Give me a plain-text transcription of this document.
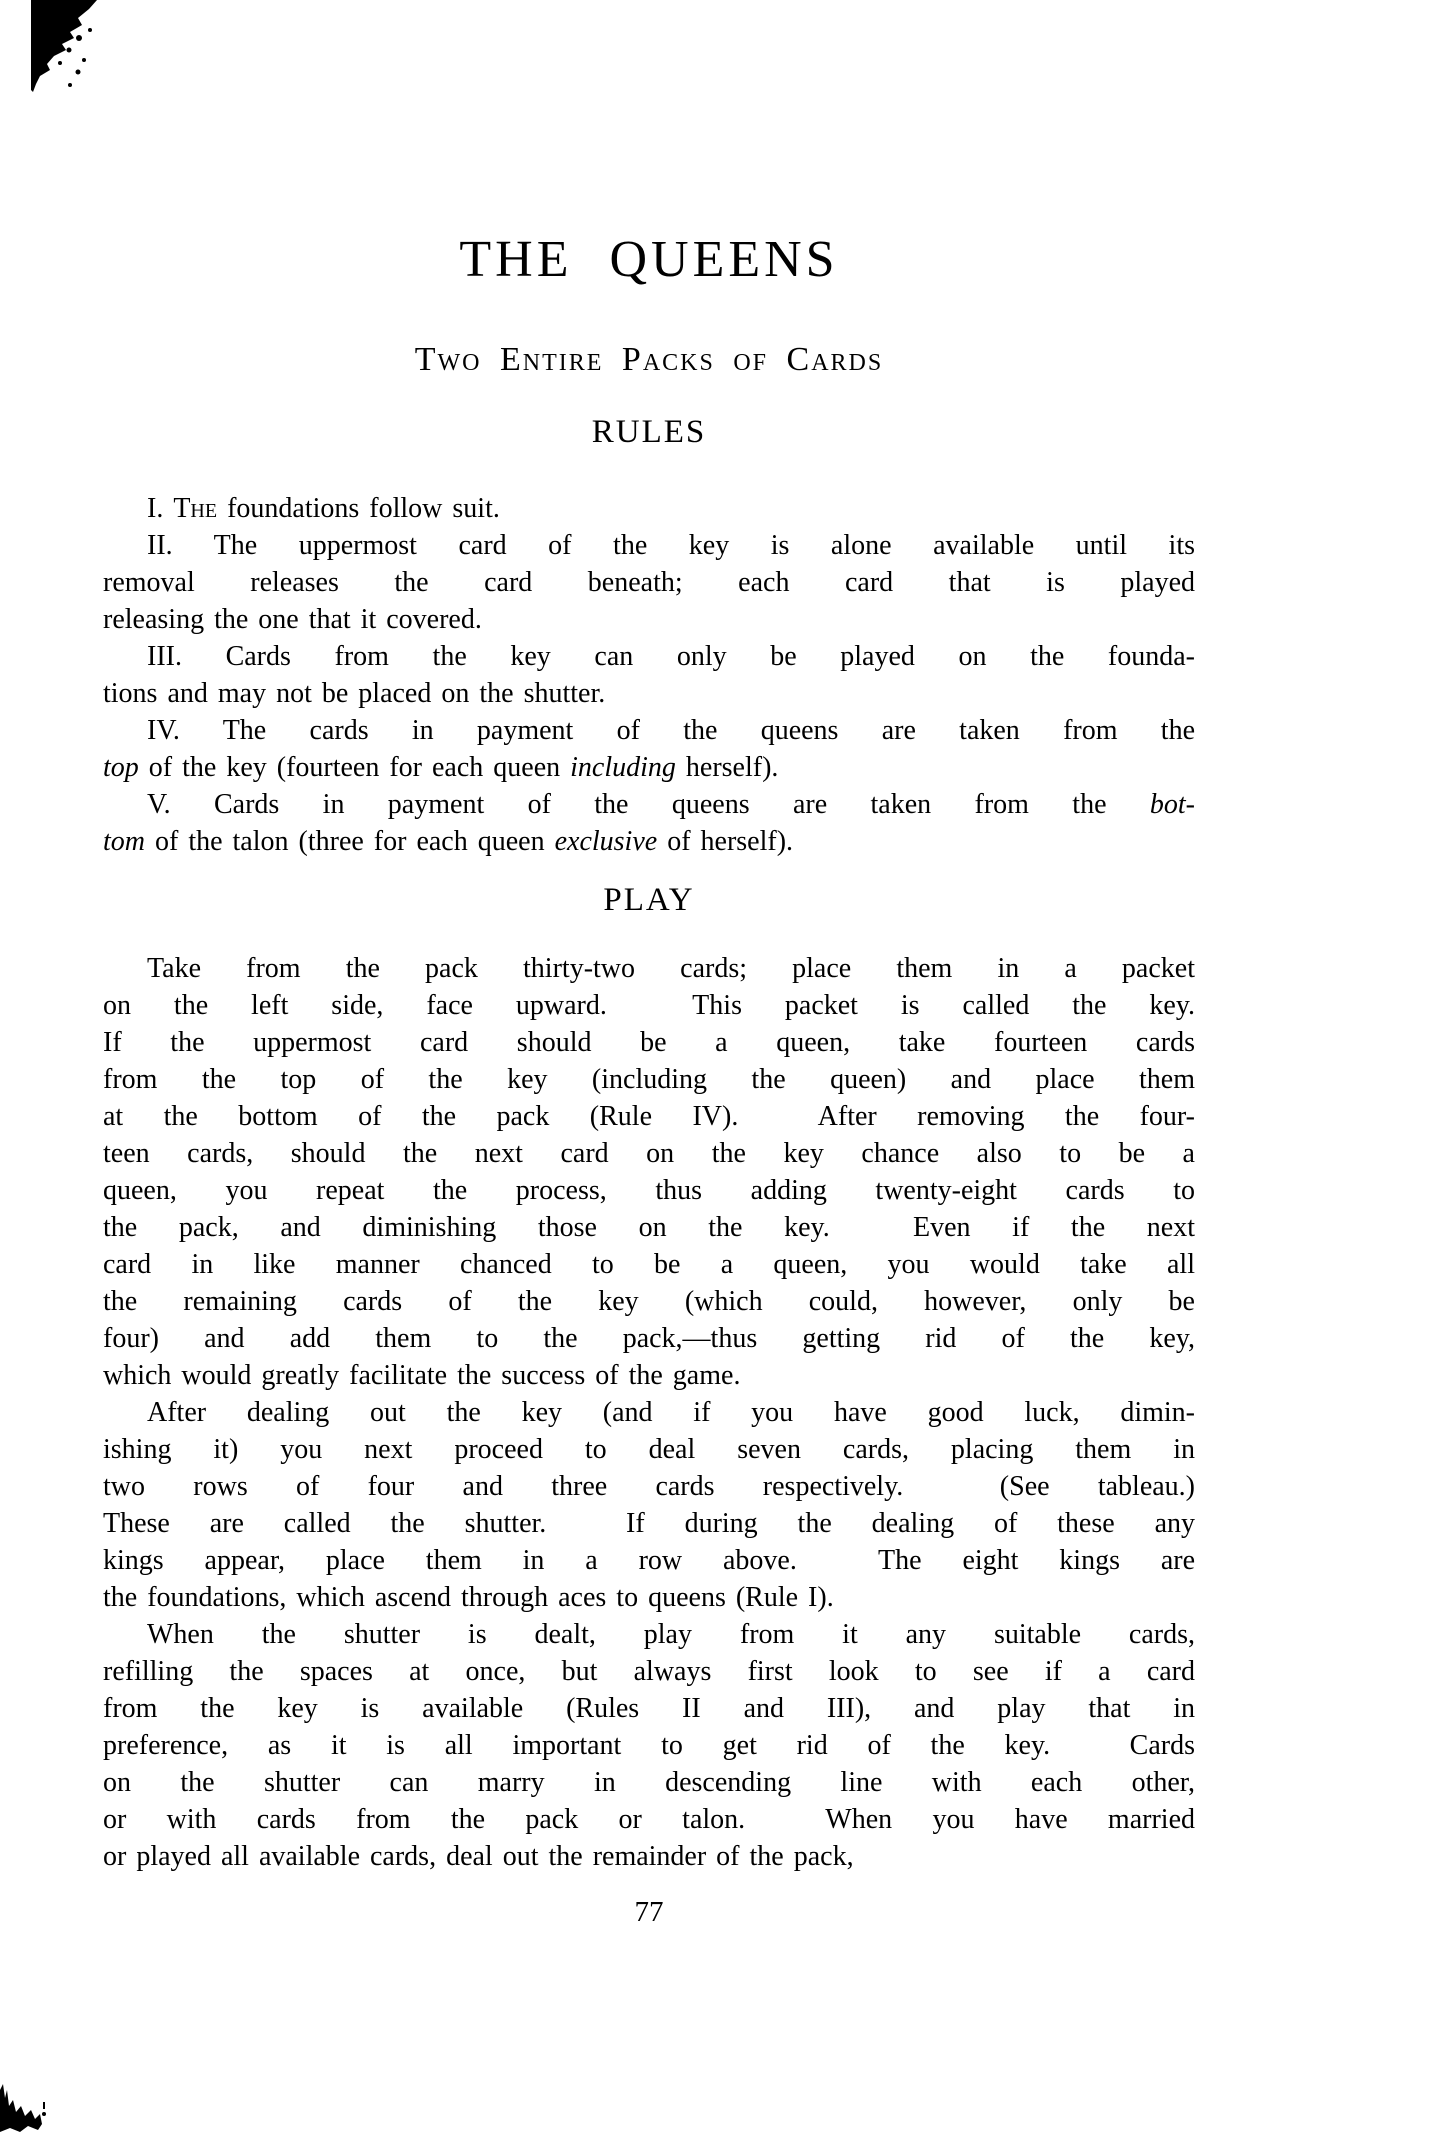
THE QUEENS
Two Entire Packs of Cards
RULES
I. The foundations follow suit.
II. The uppermost card of the key is alone available until its
removal releases the card beneath; each card that is played
releasing the one that it covered.
III. Cards from the key can only be played on the founda-
tions and may not be placed on the shutter.
IV. The cards in payment of the queens are taken from the
top of the key (fourteen for each queen including herself).
V. Cards in payment of the queens are taken from the bot-
tom of the talon (three for each queen exclusive of herself).
PLAY
Take from the pack thirty-two cards; place them in a packet
on the left side, face upward.  This packet is called the key.
If the uppermost card should be a queen, take fourteen cards
from the top of the key (including the queen) and place them
at the bottom of the pack (Rule IV).  After removing the four-
teen cards, should the next card on the key chance also to be a
queen, you repeat the process, thus adding twenty-eight cards to
the pack, and diminishing those on the key.  Even if the next
card in like manner chanced to be a queen, you would take all
the remaining cards of the key (which could, however, only be
four) and add them to the pack,—thus getting rid of the key,
which would greatly facilitate the success of the game.
After dealing out the key (and if you have good luck, dimin-
ishing it) you next proceed to deal seven cards, placing them in
two rows of four and three cards respectively.  (See tableau.)
These are called the shutter.  If during the dealing of these any
kings appear, place them in a row above.  The eight kings are
the foundations, which ascend through aces to queens (Rule I).
When the shutter is dealt, play from it any suitable cards,
refilling the spaces at once, but always first look to see if a card
from the key is available (Rules II and III), and play that in
preference, as it is all important to get rid of the key.  Cards
on the shutter can marry in descending line with each other,
or with cards from the pack or talon.  When you have married
or played all available cards, deal out the remainder of the pack,
77
